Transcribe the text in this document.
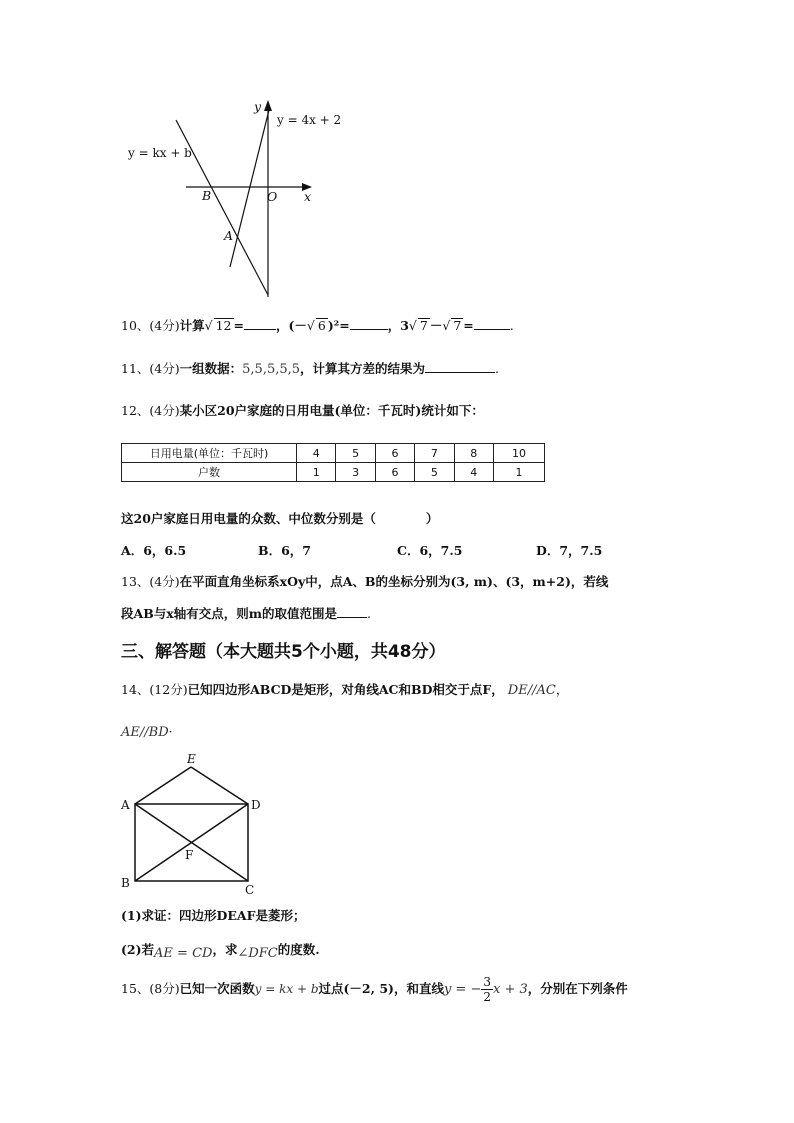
y = kx + b
y = 4x + 2
y
x
B	O
A
10、(4分)计算√ 12 =	，(－√ 6 )²=	，3√ 7 －√ 7 =	.
11、(4分)一组数据：5,5,5,5,5，计算其方差的结果为	.
12、(4分)某小区20户家庭的日用电量(单位：千瓦时)统计如下：
日用电量(单位：千瓦时)	4	5	6	7	8	10
户数	1	3	6	5	4	1
这20户家庭日用电量的众数、中位数分别是（　　　　）
A．6，6.5	B．6，7	C．6，7.5	D．7，7.5
13、(4分)在平面直角坐标系xOy中，点A、B的坐标分别为(3, m)、(3，m+2)，若线
段AB与x轴有交点，则m的取值范围是 .
三、解答题（本大题共5个小题，共48分）
14、(12分)已知四边形ABCD是矩形，对角线AC和BD相交于点F， DE//AC，
AE//BD·
E
A	D
F
B	C
(1)求证：四边形DEAF是菱形；
(2)若AE = CD，求∠DFC的度数.
15、(8分)已知一次函数y = kx + b过点(－2, 5)，和直线y = − $\frac{3}{2}$ x + 3，分别在下列条件
